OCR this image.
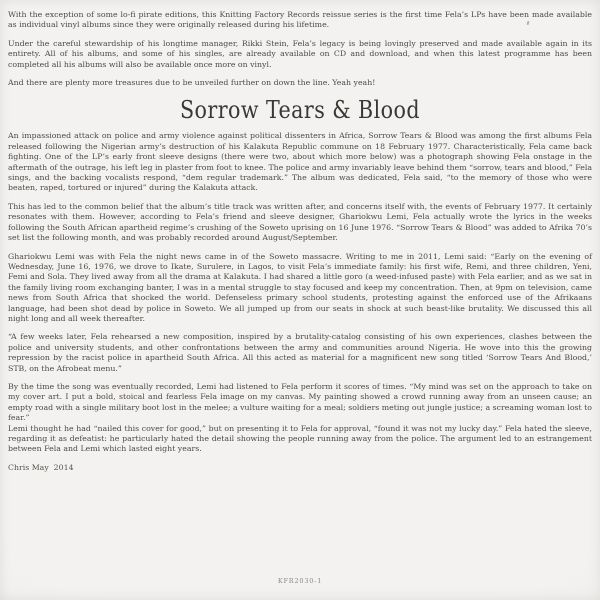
With the exception of some lo-fi pirate editions, this Knitting Factory Records reissue series is the first time Fela’s LPs have been made available as individual vinyl albums since they were originally released during his lifetime.

Under the careful stewardship of his longtime manager, Rikki Stein, Fela’s legacy is being lovingly preserved and made available again in its entirety. All of his albums, and some of his singles, are already available on CD and download, and when this latest programme has been completed all his albums will also be available once more on vinyl.

And there are plenty more treasures due to be unveiled further on down the line. Yeah yeah!

Sorrow Tears & Blood

An impassioned attack on police and army violence against political dissenters in Africa, Sorrow Tears & Blood was among the first albums Fela released following the Nigerian army’s destruction of his Kalakuta Republic commune on 18 February 1977. Characteristically, Fela came back fighting. One of the LP’s early front sleeve designs (there were two, about which more below) was a photograph showing Fela onstage in the aftermath of the outrage, his left leg in plaster from foot to knee. The police and army invariably leave behind them “sorrow, tears and blood,” Fela sings, and the backing vocalists respond, “dem regular trademark.” The album was dedicated, Fela said, “to the memory of those who were beaten, raped, tortured or injured” during the Kalakuta attack.

This has led to the common belief that the album’s title track was written after, and concerns itself with, the events of February 1977. It certainly resonates with them. However, according to Fela’s friend and sleeve designer, Ghariokwu Lemi, Fela actually wrote the lyrics in the weeks following the South African apartheid regime’s crushing of the Soweto uprising on 16 June 1976. “Sorrow Tears & Blood” was added to Afrika 70’s set list the following month, and was probably recorded around August/September.

Ghariokwu Lemi was with Fela the night news came in of the Soweto massacre. Writing to me in 2011, Lemi said: “Early on the evening of Wednesday, June 16, 1976, we drove to Ikate, Surulere, in Lagos, to visit Fela’s immediate family: his first wife, Remi, and three children, Yeni, Femi and Sola. They lived away from all the drama at Kalakuta. I had shared a little goro (a weed-infused paste) with Fela earlier, and as we sat in the family living room exchanging banter, I was in a mental struggle to stay focused and keep my concentration. Then, at 9pm on television, came news from South Africa that shocked the world. Defenseless primary school students, protesting against the enforced use of the Afrikaans language, had been shot dead by police in Soweto. We all jumped up from our seats in shock at such beast-like brutality. We discussed this all night long and all week thereafter.

“A few weeks later, Fela rehearsed a new composition, inspired by a brutality-catalog consisting of his own experiences, clashes between the police and university students, and other confrontations between the army and communities around Nigeria. He wove into this the growing repression by the racist police in apartheid South Africa. All this acted as material for a magnificent new song titled ‘Sorrow Tears And Blood,’ STB, on the Afrobeat menu.”

By the time the song was eventually recorded, Lemi had listened to Fela perform it scores of times. “My mind was set on the approach to take on my cover art. I put a bold, stoical and fearless Fela image on my canvas. My painting showed a crowd running away from an unseen cause; an empty road with a single military boot lost in the melee; a vulture waiting for a meal; soldiers meting out jungle justice; a screaming woman lost to fear.”
Lemi thought he had “nailed this cover for good,” but on presenting it to Fela for approval, “found it was not my lucky day.” Fela hated the sleeve, regarding it as defeatist: he particularly hated the detail showing the people running away from the police. The argument led to an estrangement between Fela and Lemi which lasted eight years.

Chris May  2014

KFR2030-1
